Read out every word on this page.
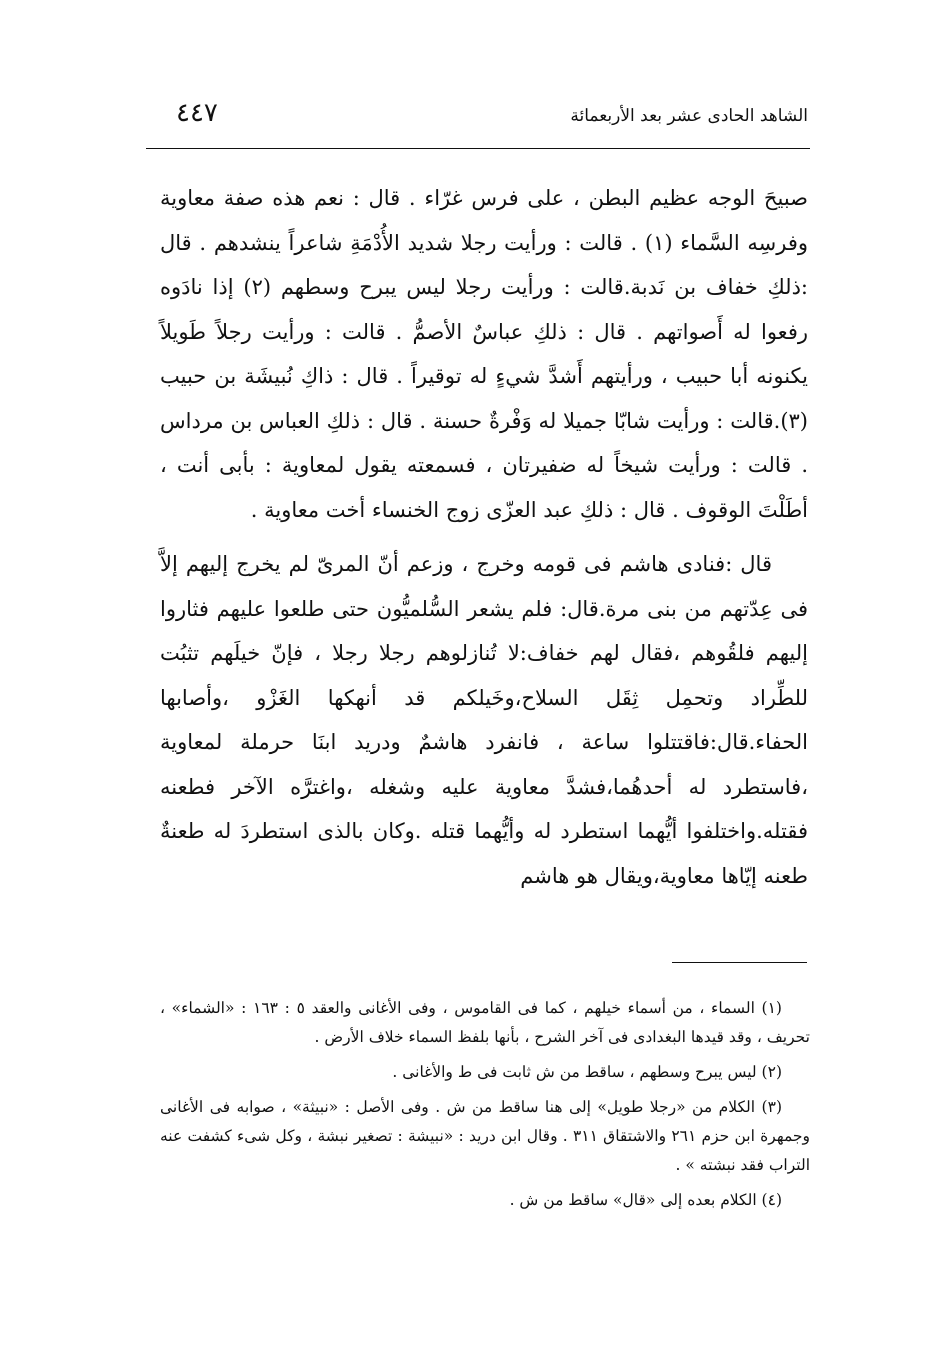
الشاهد الحادى عشر بعد الأربعمائة
٤٤٧

صبيحَ الوجه عظيم البطن ، على فرس غرّاء . قال : نعم هذه صفة معاوية وفرسِه السَّماء (١) . قالت : ورأيت رجلا شديد الأُدْمَةِ شاعراً ينشدهم . قال :ذلكِ خفاف بن نَدبة.قالت : ورأيت رجلا ليس يبرح وسطهم (٢) إذا نادَوه رفعوا له أَصواتهم . قال : ذلكِ عباسٌ الأصمُّ . قالت : ورأيت رجلاً طَويلاً يكنونه أبا حبيب ، ورأيتهم أَشدَّ شيءٍ له توقيراً . قال : ذاكِ نُبيشَة بن حبيب (٣).قالت : ورأيت شابّا جميلا له وَفْرةٌ حسنة . قال : ذلكِ العباس بن مرداس . قالت : ورأيت شيخاً له ضفيرتان ، فسمعته يقول لمعاوية : بأبى أنت ، أطَلْتَ الوقوف . قال : ذلكِ عبد العزّى زوج الخنساء أخت معاوية .

قال :فنادى هاشم فى قومه وخرج ، وزعم أنّ المرىّ لم يخرج إليهم إلاَّ فى عِدّتهم من بنى مرة.قال: فلم يشعر السُّلميُّون حتى طلعوا عليهم فثاروا إليهم فلقُوهم ،فقال لهم خفاف:لا تُنازلوهم رجلا رجلا ، فإنّ خيلَهم تثبُت للطِّراد وتحمِل ثِقَل السلاح،وخَيلكم قد أنهكها الغَزْو ،وأصابها الحفاء.قال:فاقتتلوا ساعة ، فانفرد هاشمٌ ودريد ابنَا حرملة لمعاوية ،فاستطرد له أحدهُما،فشدَّ معاوية عليه وشغله ،واغترَّه الآخر فطعنه فقتله.واختلفوا أيُّهما استطرد له وأيُّهما قتله .وكان بالذى استطردَ له طعنةٌ طعنه إيّاها معاوية،ويقال هو هاشم

(١) السماء ، من أسماء خيلهم ، كما فى القاموس ، وفى الأغانى والعقد ٥ : ١٦٣ : «الشماء» ، تحريف ، وقد قيدها البغدادى فى آخر الشرح ، بأنها بلفظ السماء خلاف الأرض .

(٢) ليس يبرح وسطهم ، ساقط من ش ثابت فى ط والأغانى .

(٣) الكلام من «رجلا طويل» إلى هنا ساقط من ش . وفى الأصل : «نبيثة» ، صوابه فى الأغانى وجمهرة ابن حزم ٢٦١ والاشتقاق ٣١١ . وقال ابن دريد : «نبيشة : تصغير نبشة ، وكل شىء كشفت عنه التراب فقد نبشته » .

(٤) الكلام بعده إلى «قال» ساقط من ش .
